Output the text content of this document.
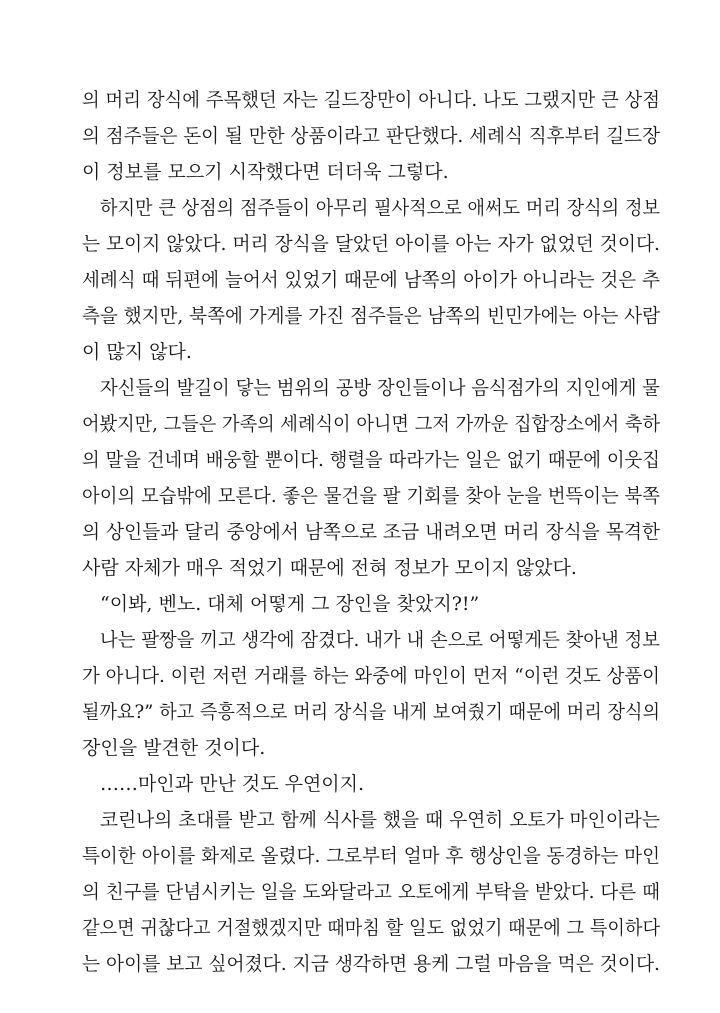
의 머리 장식에 주목했던 자는 길드장만이 아니다. 나도 그랬지만 큰 상점
의 점주들은 돈이 될 만한 상품이라고 판단했다. 세례식 직후부터 길드장
이 정보를 모으기 시작했다면 더더욱 그렇다.
하지만 큰 상점의 점주들이 아무리 필사적으로 애써도 머리 장식의 정보
는 모이지 않았다. 머리 장식을 달았던 아이를 아는 자가 없었던 것이다.
세례식 때 뒤편에 늘어서 있었기 때문에 남쪽의 아이가 아니라는 것은 추
측을 했지만, 북쪽에 가게를 가진 점주들은 남쪽의 빈민가에는 아는 사람
이 많지 않다.
자신들의 발길이 닿는 범위의 공방 장인들이나 음식점가의 지인에게 물
어봤지만, 그들은 가족의 세례식이 아니면 그저 가까운 집합장소에서 축하
의 말을 건네며 배웅할 뿐이다. 행렬을 따라가는 일은 없기 때문에 이웃집
아이의 모습밖에 모른다. 좋은 물건을 팔 기회를 찾아 눈을 번뜩이는 북쪽
의 상인들과 달리 중앙에서 남쪽으로 조금 내려오면 머리 장식을 목격한
사람 자체가 매우 적었기 때문에 전혀 정보가 모이지 않았다.
“이봐, 벤노. 대체 어떻게 그 장인을 찾았지?!”
나는 팔짱을 끼고 생각에 잠겼다. 내가 내 손으로 어떻게든 찾아낸 정보
가 아니다. 이런 저런 거래를 하는 와중에 마인이 먼저 “이런 것도 상품이
될까요?” 하고 즉흥적으로 머리 장식을 내게 보여줬기 때문에 머리 장식의
장인을 발견한 것이다.
……마인과 만난 것도 우연이지.
코린나의 초대를 받고 함께 식사를 했을 때 우연히 오토가 마인이라는
특이한 아이를 화제로 올렸다. 그로부터 얼마 후 행상인을 동경하는 마인
의 친구를 단념시키는 일을 도와달라고 오토에게 부탁을 받았다. 다른 때
같으면 귀찮다고 거절했겠지만 때마침 할 일도 없었기 때문에 그 특이하다
는 아이를 보고 싶어졌다. 지금 생각하면 용케 그럴 마음을 먹은 것이다.
